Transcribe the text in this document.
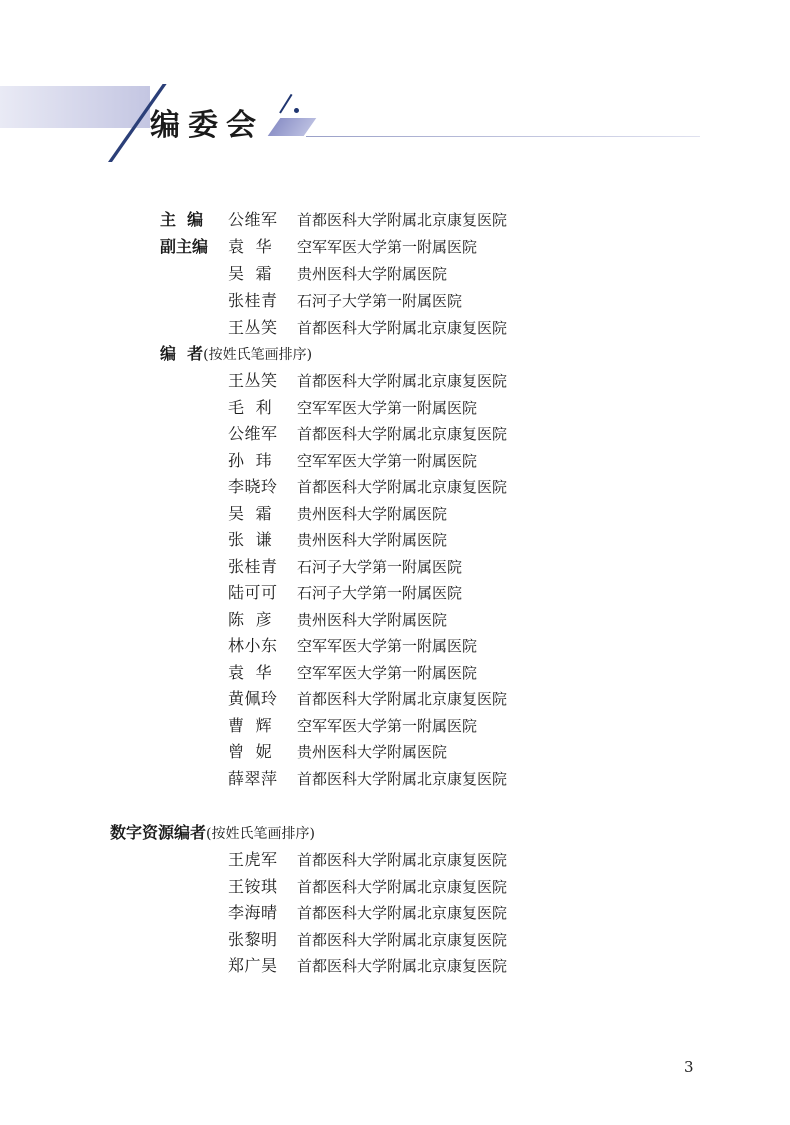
编委会
主  编 公维军 首都医科大学附属北京康复医院
副主编 袁  华 空军军医大学第一附属医院
吴  霜 贵州医科大学附属医院
张桂青 石河子大学第一附属医院
王丛笑 首都医科大学附属北京康复医院
编  者(按姓氏笔画排序)
王丛笑 首都医科大学附属北京康复医院
毛  利 空军军医大学第一附属医院
公维军 首都医科大学附属北京康复医院
孙  玮 空军军医大学第一附属医院
李晓玲 首都医科大学附属北京康复医院
吴  霜 贵州医科大学附属医院
张  谦 贵州医科大学附属医院
张桂青 石河子大学第一附属医院
陆可可 石河子大学第一附属医院
陈  彦 贵州医科大学附属医院
林小东 空军军医大学第一附属医院
袁  华 空军军医大学第一附属医院
黄佩玲 首都医科大学附属北京康复医院
曹  辉 空军军医大学第一附属医院
曾  妮 贵州医科大学附属医院
薛翠萍 首都医科大学附属北京康复医院
数字资源编者(按姓氏笔画排序)
王虎军 首都医科大学附属北京康复医院
王铵琪 首都医科大学附属北京康复医院
李海晴 首都医科大学附属北京康复医院
张黎明 首都医科大学附属北京康复医院
郑广昊 首都医科大学附属北京康复医院
3
